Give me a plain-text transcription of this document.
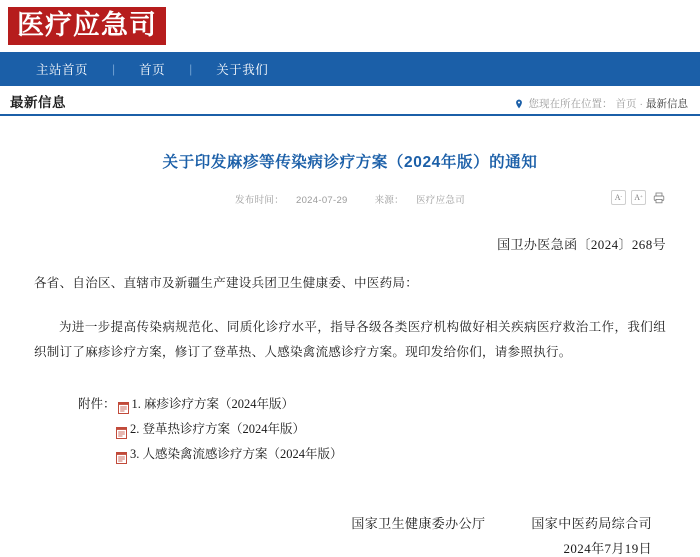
医疗应急司
主站首页	|	首页	|	关于我们
最新信息	您现在所在位置： 首页 · 最新信息
关于印发麻疹等传染病诊疗方案（2024年版）的通知
发布时间： 2024-07-29	来源： 医疗应急司	A - A +
国卫办医急函〔2024〕268号
各省、自治区、直辖市及新疆生产建设兵团卫生健康委、中医药局：
为进一步提高传染病规范化、同质化诊疗水平，指导各级各类医疗机构做好相关疾病医疗救治工作，我们组织制订了麻疹诊疗方案，修订了登革热、人感染禽流感诊疗方案。现印发给你们，请参照执行。
附件： 1. 麻疹诊疗方案（2024年版）
2. 登革热诊疗方案（2024年版）
3. 人感染禽流感诊疗方案（2024年版）
国家卫生健康委办公厅	国家中医药局综合司
2024年7月19日
